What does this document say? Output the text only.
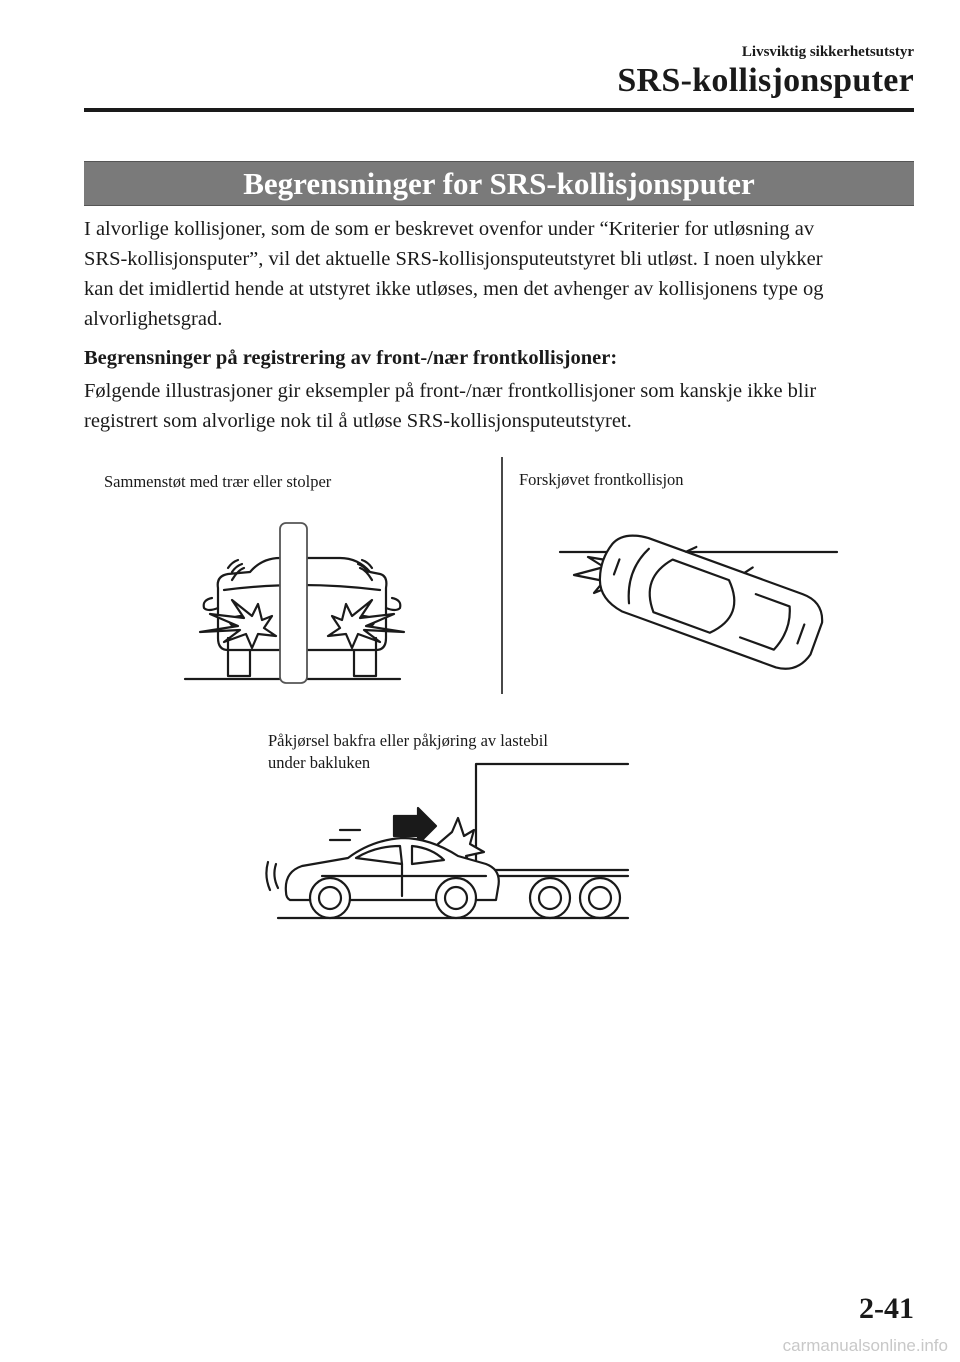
Livsviktig sikkerhetsutstyr
SRS-kollisjonsputer
Begrensninger for SRS-kollisjonsputer

I alvorlige kollisjoner, som de som er beskrevet ovenfor under “Kriterier for utløsning av
SRS-kollisjonsputer”, vil det aktuelle SRS-kollisjonsputeutstyret bli utløst. I noen ulykker
kan det imidlertid hende at utstyret ikke utløses, men det avhenger av kollisjonens type og
alvorlighetsgrad.

Begrensninger på registrering av front-/nær frontkollisjoner:

Følgende illustrasjoner gir eksempler på front-/nær frontkollisjoner som kanskje ikke blir
registrert som alvorlige nok til å utløse SRS-kollisjonsputeutstyret.

Sammenstøt med trær eller stolper	Forskjøvet frontkollisjon
Påkjørsel bakfra eller påkjøring av lastebil
under bakluken
2-41
carmanualsonline.info
